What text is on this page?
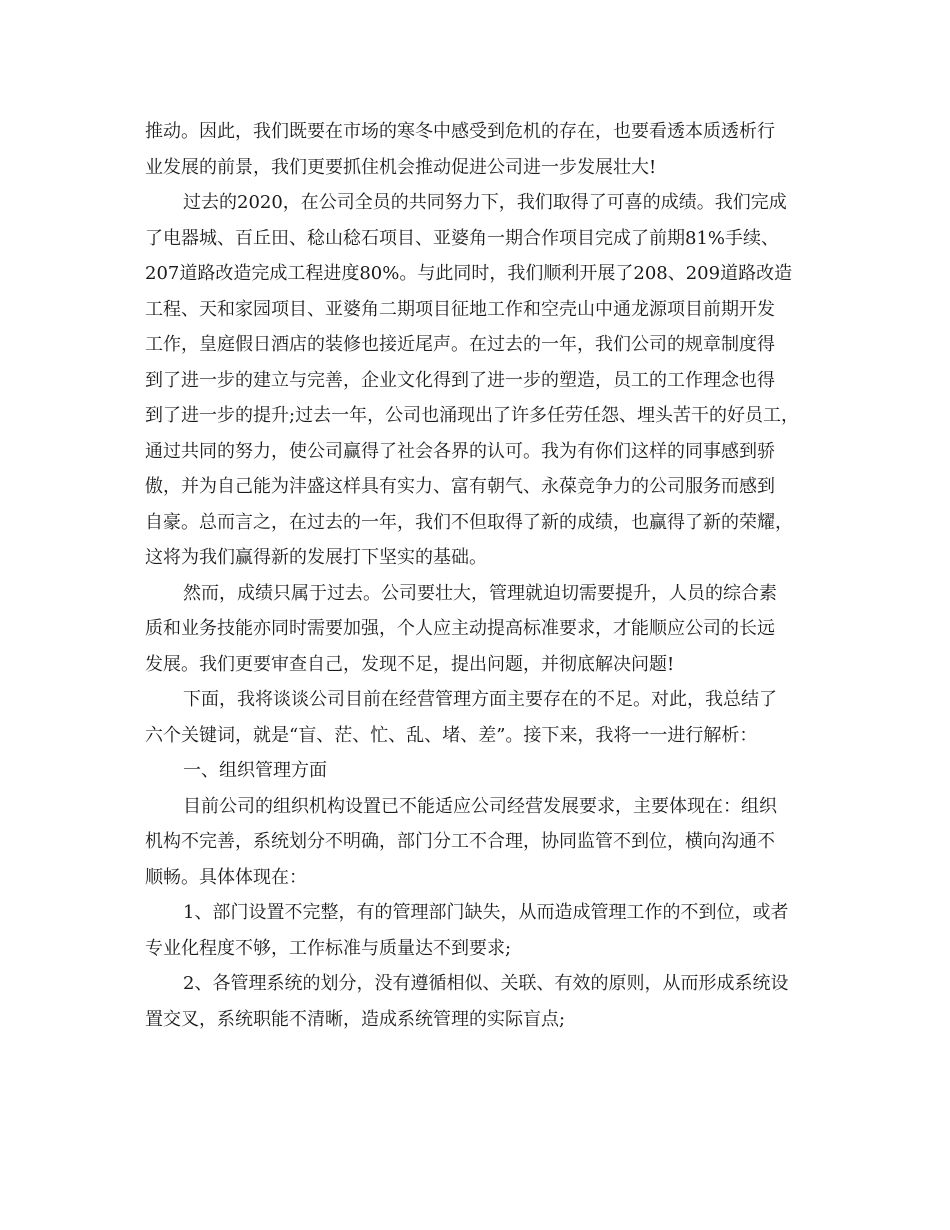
推动。因此，我们既要在市场的寒冬中感受到危机的存在，也要看透本质透析行
业发展的前景，我们更要抓住机会推动促进公司进一步发展壮大!
过去的2020，在公司全员的共同努力下，我们取得了可喜的成绩。我们完成
了电器城、百丘田、稔山稔石项目、亚婆角一期合作项目完成了前期81%手续、
207道路改造完成工程进度80%。与此同时，我们顺利开展了208、209道路改造
工程、天和家园项目、亚婆角二期项目征地工作和空壳山中通龙源项目前期开发
工作，皇庭假日酒店的装修也接近尾声。在过去的一年，我们公司的规章制度得
到了进一步的建立与完善，企业文化得到了进一步的塑造，员工的工作理念也得
到了进一步的提升;过去一年，公司也涌现出了许多任劳任怨、埋头苦干的好员工，
通过共同的努力，使公司赢得了社会各界的认可。我为有你们这样的同事感到骄
傲，并为自己能为沣盛这样具有实力、富有朝气、永葆竞争力的公司服务而感到
自豪。总而言之，在过去的一年，我们不但取得了新的成绩，也赢得了新的荣耀，
这将为我们赢得新的发展打下坚实的基础。
然而，成绩只属于过去。公司要壮大，管理就迫切需要提升，人员的综合素
质和业务技能亦同时需要加强，个人应主动提高标准要求，才能顺应公司的长远
发展。我们更要审查自己，发现不足，提出问题，并彻底解决问题!
下面，我将谈谈公司目前在经营管理方面主要存在的不足。对此，我总结了
六个关键词，就是“盲、茫、忙、乱、堵、差”。接下来，我将一一进行解析：
一、组织管理方面
目前公司的组织机构设置已不能适应公司经营发展要求，主要体现在：组织
机构不完善，系统划分不明确，部门分工不合理，协同监管不到位，横向沟通不
顺畅。具体体现在：
1、部门设置不完整，有的管理部门缺失，从而造成管理工作的不到位，或者
专业化程度不够，工作标准与质量达不到要求;
2、各管理系统的划分，没有遵循相似、关联、有效的原则，从而形成系统设
置交叉，系统职能不清晰，造成系统管理的实际盲点;
